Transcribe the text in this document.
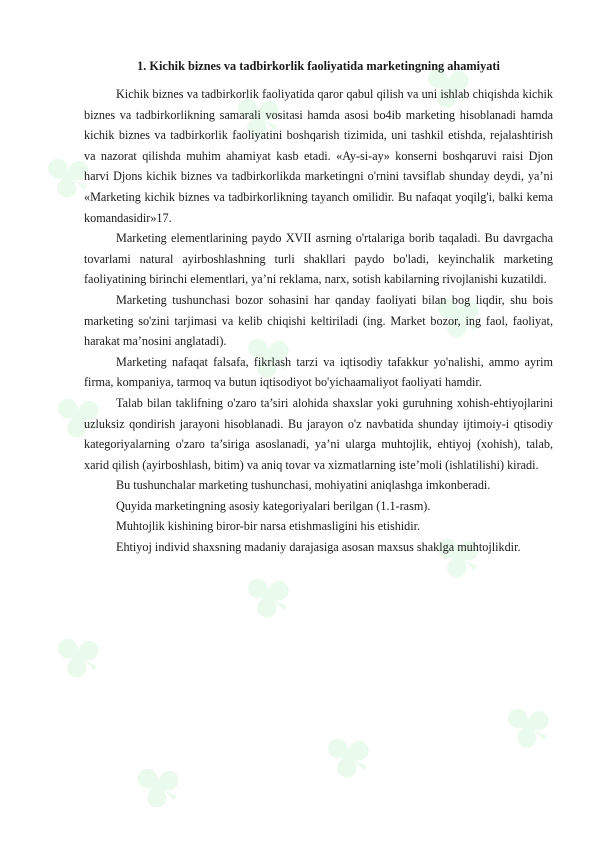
♣
♣ ♣
♣
♣ ♣
♣
♣ ♣
♣ ♣ ♣
1. Kichik biznes va tadbirkorlik faoliyatida marketingning ahamiyati

Kichik biznes va tadbirkorlik faoliyatida qaror qabul qilish va uni ishlab chiqishda kichik biznes va tadbirkorlikning samarali vositasi hamda asosi bo4ib marketing hisoblanadi hamda kichik biznes va tadbirkorlik faoliyatini boshqarish tizimida, uni tashkil etishda, rejalashtirish va nazorat qilishda muhim ahamiyat kasb etadi. «Ay-si-ay» konserni boshqaruvi raisi Djon harvi Djons kichik biznes va tadbirkorlikda marketingni o'rnini tavsiflab shunday deydi, ya’ni «Marketing kichik biznes va tadbirkorlikning tayanch omilidir. Bu nafaqat yoqilg'i, balki kema komandasidir»17.

Marketing elementlarining paydo XVII asrning o'rtalariga borib taqaladi. Bu davrgacha tovarlami natural ayirboshlashning turli shakllari paydo bo'ladi, keyinchalik marketing faoliyatining birinchi elementlari, ya’ni reklama, narx, sotish kabilarning rivojlanishi kuzatildi.

Marketing tushunchasi bozor sohasini har qanday faoliyati bilan bog liqdir, shu bois marketing so'zini tarjimasi va kelib chiqishi keltiriladi (ing. Market bozor, ing faol, faoliyat, harakat ma’nosini anglatadi).

Marketing nafaqat falsafa, fikrlash tarzi va iqtisodiy tafakkur yo'nalishi, ammo ayrim firma, kompaniya, tarmoq va butun iqtisodiyot bo'yichaamaliyot faoliyati hamdir.

Talab bilan taklifning o'zaro ta’siri alohida shaxslar yoki guruhning xohish-ehtiyojlarini uzluksiz qondirish jarayoni hisoblanadi. Bu jarayon o'z navbatida shunday ijtimoiy-i qtisodiy kategoriyalarning o'zaro ta’siriga asoslanadi, ya’ni ularga muhtojlik, ehtiyoj (xohish), talab, xarid qilish (ayirboshlash, bitim) va aniq tovar va xizmatlarning iste’moli (ishlatilishi) kiradi.

Bu tushunchalar marketing tushunchasi, mohiyatini aniqlashga imkonberadi.

Quyida marketingning asosiy kategoriyalari berilgan (1.1-rasm).

Muhtojlik kishining biror-bir narsa etishmasligini his etishidir.

Ehtiyoj individ shaxsning madaniy darajasiga asosan maxsus shaklga muhtojlikdir.
